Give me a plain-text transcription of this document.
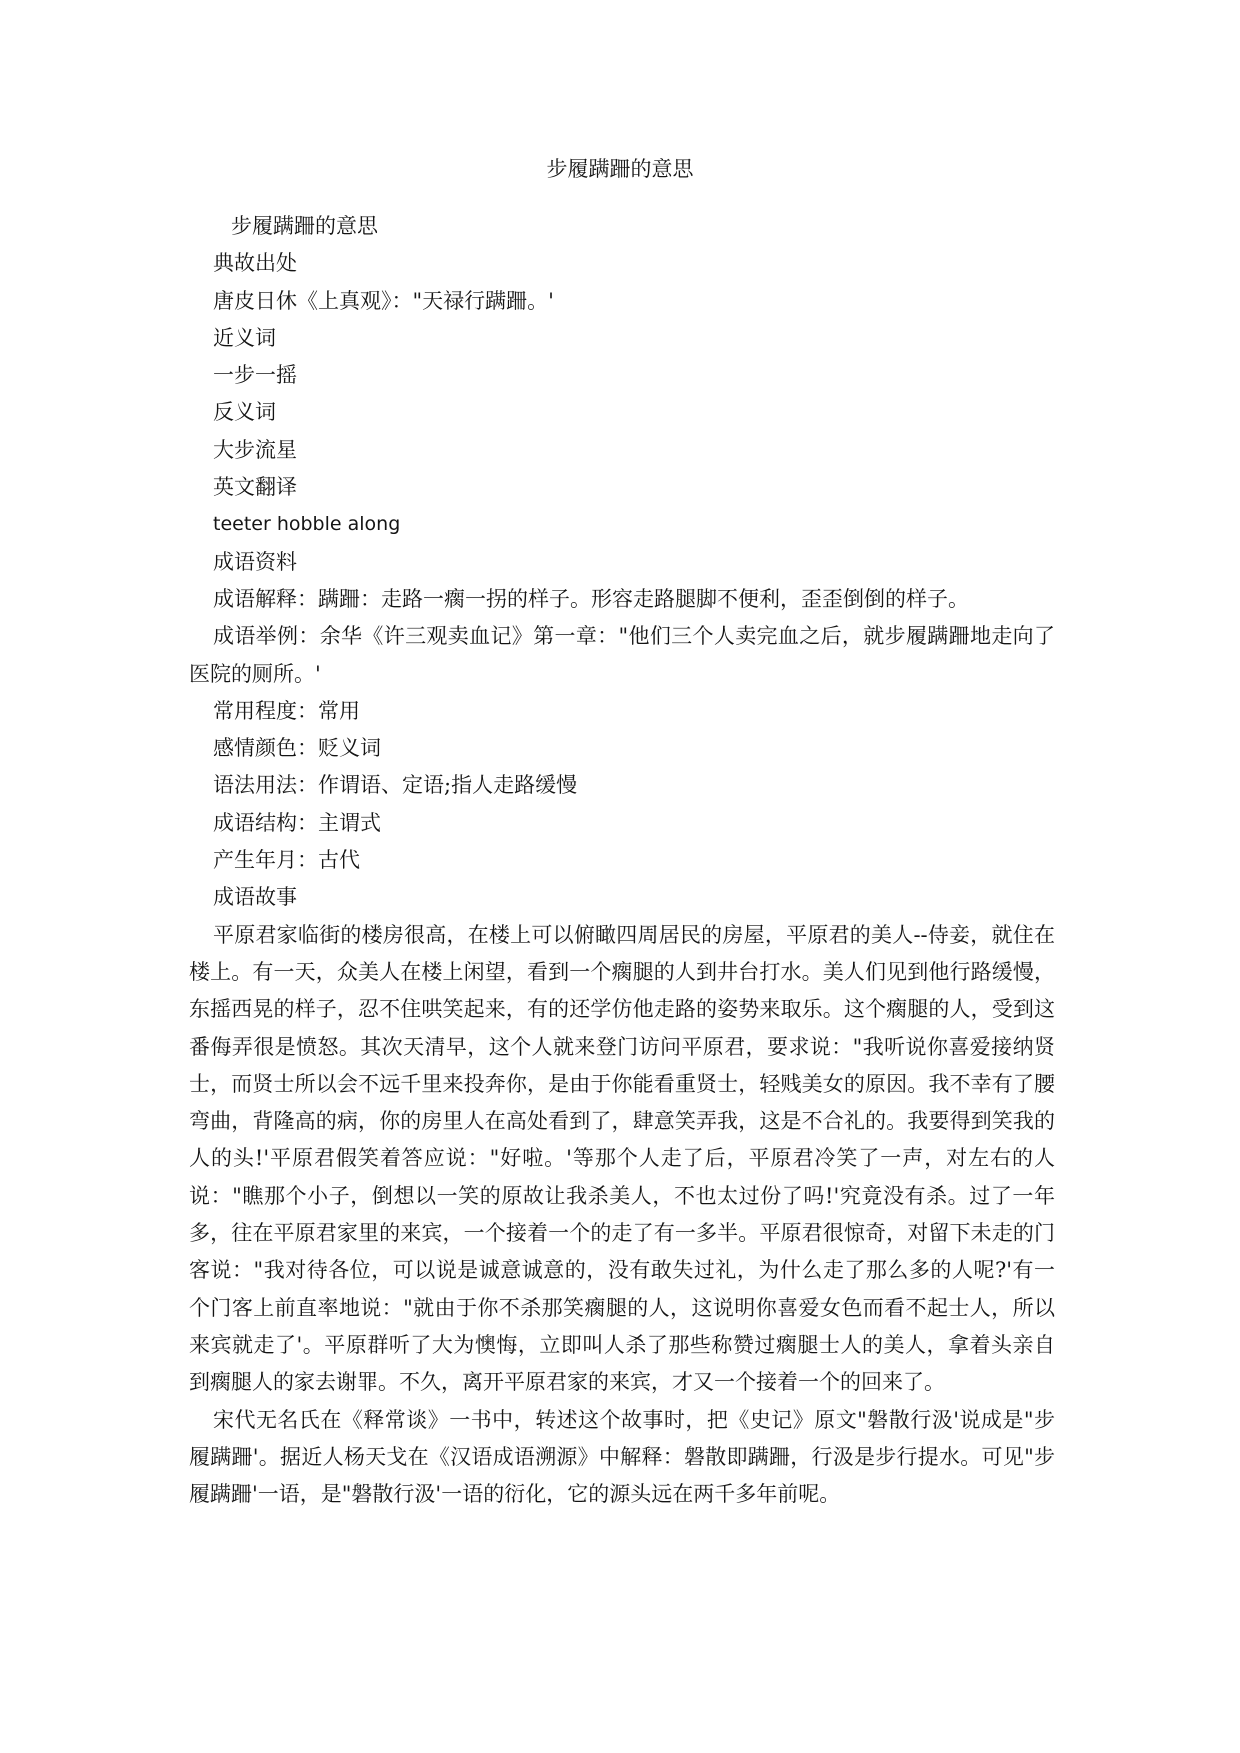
步履蹒跚的意思
步履蹒跚的意思
典故出处
唐皮日休《上真观》："天禄行蹒跚。'
近义词
一步一摇
反义词
大步流星
英文翻译
teeter hobble along
成语资料
成语解释：蹒跚：走路一瘸一拐的样子。形容走路腿脚不便利，歪歪倒倒的样子。

成语举例：余华《许三观卖血记》第一章："他们三个人卖完血之后，就步履蹒跚地走向了医院的厕所。'

常用程度：常用
感情颜色：贬义词
语法用法：作谓语、定语;指人走路缓慢
成语结构：主谓式
产生年月：古代
成语故事

平原君家临街的楼房很高，在楼上可以俯瞰四周居民的房屋，平原君的美人--侍妾，就住在楼上。有一天，众美人在楼上闲望，看到一个瘸腿的人到井台打水。美人们见到他行路缓慢，东摇西晃的样子，忍不住哄笑起来，有的还学仿他走路的姿势来取乐。这个瘸腿的人，受到这番侮弄很是愤怒。其次天清早，这个人就来登门访问平原君，要求说："我听说你喜爱接纳贤士，而贤士所以会不远千里来投奔你，是由于你能看重贤士，轻贱美女的原因。我不幸有了腰弯曲，背隆高的病，你的房里人在高处看到了，肆意笑弄我，这是不合礼的。我要得到笑我的人的头!'平原君假笑着答应说："好啦。'等那个人走了后，平原君冷笑了一声，对左右的人说："瞧那个小子，倒想以一笑的原故让我杀美人，不也太过份了吗!'究竟没有杀。过了一年多，往在平原君家里的来宾，一个接着一个的走了有一多半。平原君很惊奇，对留下未走的门客说："我对待各位，可以说是诚意诚意的，没有敢失过礼，为什么走了那么多的人呢?'有一个门客上前直率地说："就由于你不杀那笑瘸腿的人，这说明你喜爱女色而看不起士人，所以来宾就走了'。平原群听了大为懊悔，立即叫人杀了那些称赞过瘸腿士人的美人，拿着头亲自到瘸腿人的家去谢罪。不久，离开平原君家的来宾，才又一个接着一个的回来了。

宋代无名氏在《释常谈》一书中，转述这个故事时，把《史记》原文"磐散行汲'说成是"步履蹒跚'。据近人杨天戈在《汉语成语溯源》中解释：磐散即蹒跚，行汲是步行提水。可见"步履蹒跚'一语，是"磐散行汲'一语的衍化，它的源头远在两千多年前呢。
